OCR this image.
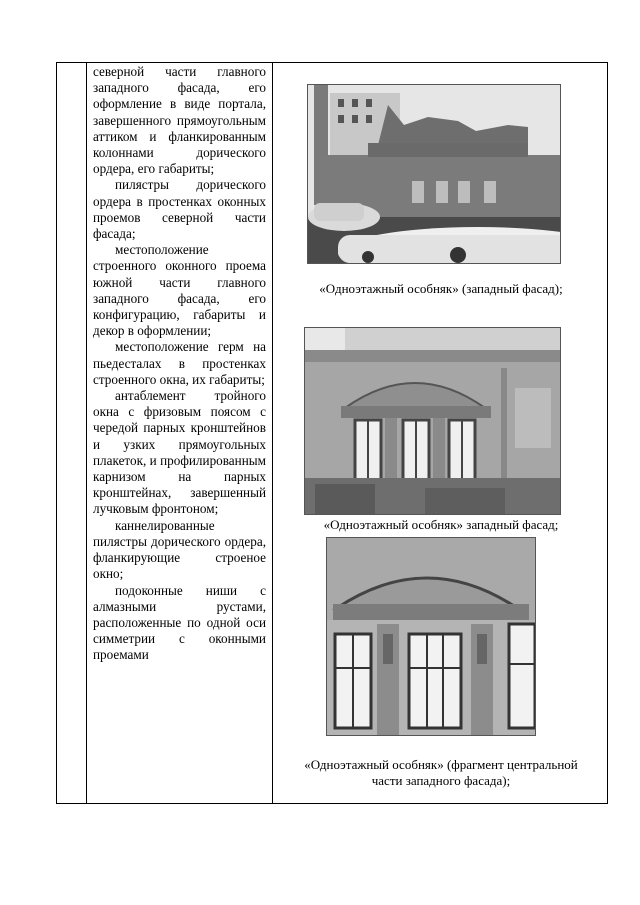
северной части главного западного фасада, его оформление в виде портала, завершенного прямоугольным аттиком и фланкированным колоннами дорического ордера, его габариты;

пилястры дорического ордера в простенках оконных проемов северной части фасада;

местоположение строенного оконного проема южной части главного западного фасада, его конфигурацию, габариты и декор в оформлении;

местоположение герм на пьедесталах в простенках строенного окна, их габариты;

антаблемент тройного окна с фризовым поясом с чередой парных кронштейнов и узких прямоугольных плакеток, и профилированным карнизом на парных кронштейнах, завершенный лучковым фронтоном;

каннелированные пилястры дорического ордера, фланкирующие строеное окно;

подоконные ниши с алмазными рустами, расположенные по одной оси симметрии с оконными проемами

«Одноэтажный особняк» (западный фасад);
«Одноэтажный особняк» западный фасад;
«Одноэтажный особняк» (фрагмент центральной
части западного фасада);
